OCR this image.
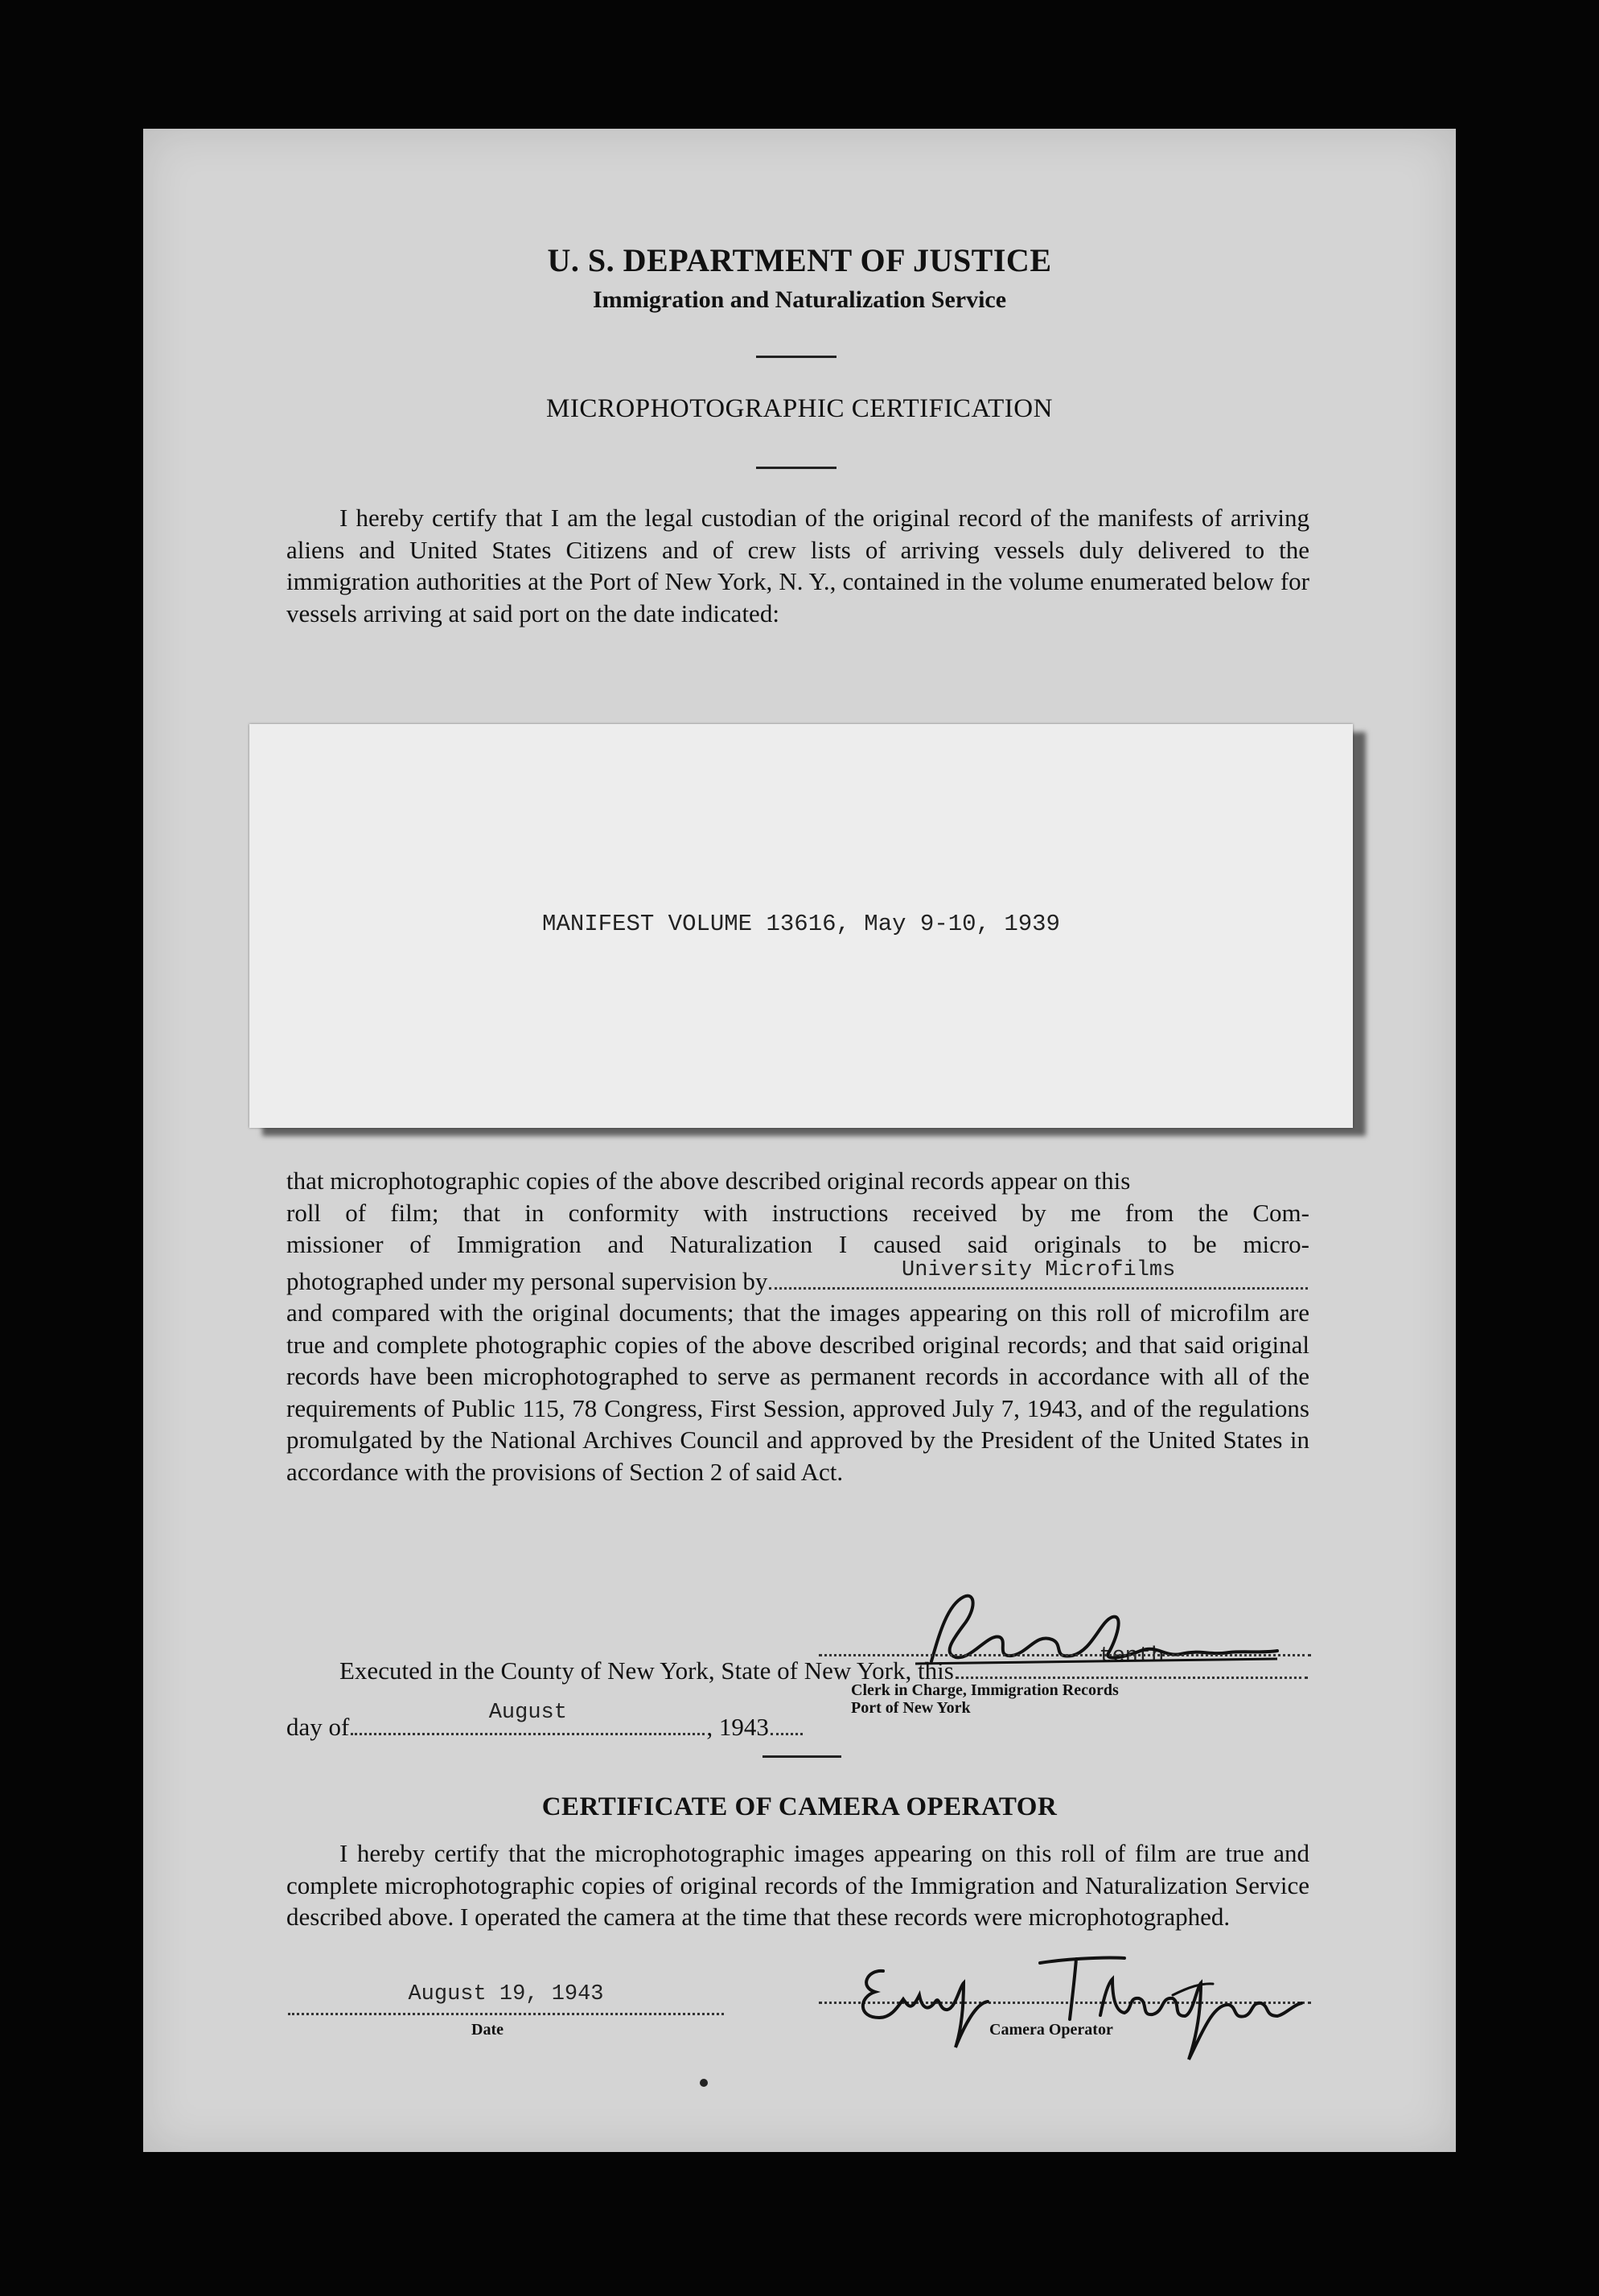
U. S. DEPARTMENT OF JUSTICE
Immigration and Naturalization Service
MICROPHOTOGRAPHIC CERTIFICATION

I hereby certify that I am the legal custodian of the original record of the manifests of arriving aliens and United States Citizens and of crew lists of arriving vessels duly delivered to the immigration authorities at the Port of New York, N. Y., contained in the volume enumerated below for vessels arriving at said port on the date indicated:

MANIFEST VOLUME 13616, May 9-10, 1939
that microphotographic copies of the above described original records appear on this
roll of film; that in conformity with instructions received by me from the Com-
missioner of Immigration and Naturalization I caused said originals to be micro-
photographed under my personal supervision by	University Microfilms

and compared with the original documents; that the images appearing on this roll of microfilm are true and complete photographic copies of the above described original records; and that said original records have been microphotographed to serve as permanent records in accordance with all of the requirements of Public 115, 78 Congress, First Session, approved July 7, 1943, and of the regulations promulgated by the National Archives Council and approved by the President of the United States in accordance with the provisions of Section 2 of said Act.

Executed in the County of New York, State of New York, this	tenth
day of	August	, 1943
Clerk in Charge, Immigration Records
Port of New York
CERTIFICATE OF CAMERA OPERATOR

I hereby certify that the microphotographic images appearing on this roll of film are true and complete microphotographic copies of original records of the Immigration and Naturalization Service described above. I operated the camera at the time that these records were microphotographed.

August 19, 1943
Date	Camera Operator
